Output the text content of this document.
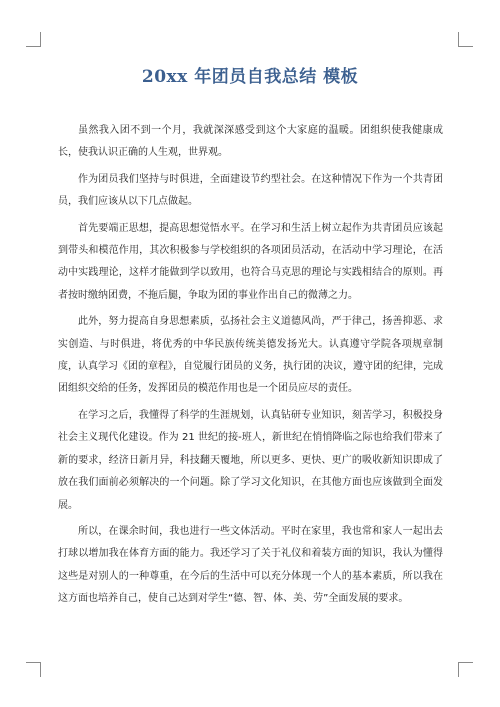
20xx 年团员自我总结 模板

虽然我入团不到一个月，我就深深感受到这个大家庭的温暖。团组织使我健康成长，使我认识正确的人生观，世界观。

作为团员我们坚持与时俱进，全面建设节约型社会。在这种情况下作为一个共青团员，我们应该从以下几点做起。

首先要端正思想，提高思想觉悟水平。在学习和生活上树立起作为共青团员应该起到带头和模范作用，其次积极参与学校组织的各项团员活动，在活动中学习理论，在活动中实践理论，这样才能做到学以致用，也符合马克思的理论与实践相结合的原则。再者按时缴纳团费，不拖后腿，争取为团的事业作出自己的微薄之力。

此外，努力提高自身思想素质，弘扬社会主义道德风尚，严于律己，扬善抑恶、求实创造、与时俱进，将优秀的中华民族传统美德发扬光大。认真遵守学院各项规章制度，认真学习《团的章程》，自觉履行团员的义务，执行团的决议，遵守团的纪律，完成团组织交给的任务，发挥团员的模范作用也是一个团员应尽的责任。

在学习之后，我懂得了科学的生涯规划，认真钻研专业知识，刻苦学习，积极投身社会主义现代化建设。作为 21 世纪的接-班人，新世纪在悄悄降临之际也给我们带来了新的要求，经济日新月异，科技翻天覆地，所以更多、更快、更广的吸收新知识即成了放在我们面前必须解决的一个问题。除了学习文化知识，在其他方面也应该做到全面发展。

所以，在课余时间，我也进行一些文体活动。平时在家里，我也常和家人一起出去打球以增加我在体育方面的能力。我还学习了关于礼仪和着装方面的知识，我认为懂得这些是对别人的一种尊重，在今后的生活中可以充分体现一个人的基本素质，所以我在这方面也培养自己，使自己达到对学生“德、智、体、美、劳”全面发展的要求。
